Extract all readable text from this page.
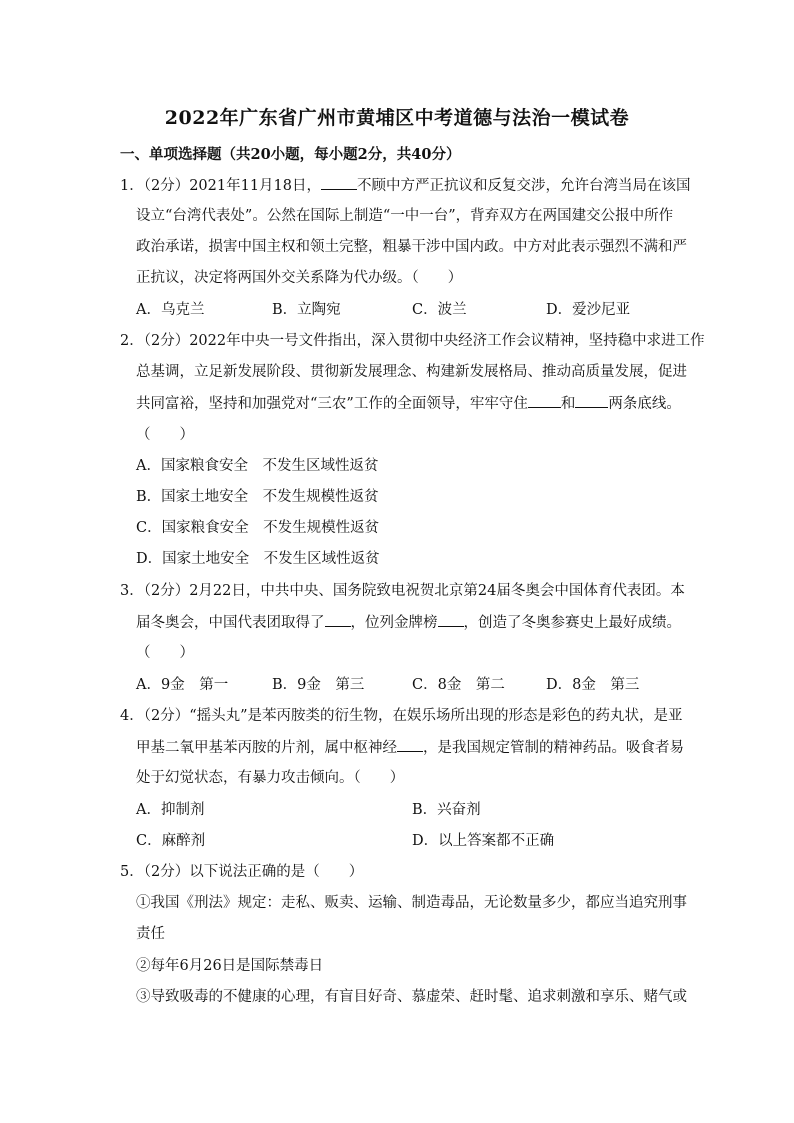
2022年广东省广州市黄埔区中考道德与法治一模试卷
一、单项选择题（共20小题，每小题2分，共40分）
1．（2分）2021年11月18日， 不顾中方严正抗议和反复交涉，允许台湾当局在该国
设立“台湾代表处”。公然在国际上制造“一中一台”，背弃双方在两国建交公报中所作
政治承诺，损害中国主权和领土完整，粗暴干涉中国内政。中方对此表示强烈不满和严
正抗议，决定将两国外交关系降为代办级。（　　）
A．乌克兰	B．立陶宛	C．波兰	D．爱沙尼亚
2．（2分）2022年中央一号文件指出，深入贯彻中央经济工作会议精神，坚持稳中求进工作
总基调，立足新发展阶段、贯彻新发展理念、构建新发展格局、推动高质量发展，促进
共同富裕，坚持和加强党对“三农”工作的全面领导，牢牢守住 和 两条底线。
（　　）
A．国家粮食安全　不发生区域性返贫
B．国家土地安全　不发生规模性返贫
C．国家粮食安全　不发生规模性返贫
D．国家土地安全　不发生区域性返贫
3．（2分）2月22日，中共中央、国务院致电祝贺北京第24届冬奥会中国体育代表团。本
届冬奥会，中国代表团取得了 ，位列金牌榜 ，创造了冬奥参赛史上最好成绩。
（　　）
A．9金　第一	B．9金　第三	C．8金　第二	D．8金　第三
4．（2分）“摇头丸”是苯丙胺类的衍生物，在娱乐场所出现的形态是彩色的药丸状，是亚
甲基二氧甲基苯丙胺的片剂，属中枢神经 ，是我国规定管制的精神药品。吸食者易
处于幻觉状态，有暴力攻击倾向。（　　）
A．抑制剂	B．兴奋剂
C．麻醉剂	D．以上答案都不正确
5．（2分）以下说法正确的是（　　）
①我国《刑法》规定：走私、贩卖、运输、制造毒品，无论数量多少，都应当追究刑事
责任
②每年6月26日是国际禁毒日
③导致吸毒的不健康的心理，有盲目好奇、慕虚荣、赶时髦、追求刺激和享乐、赌气或
